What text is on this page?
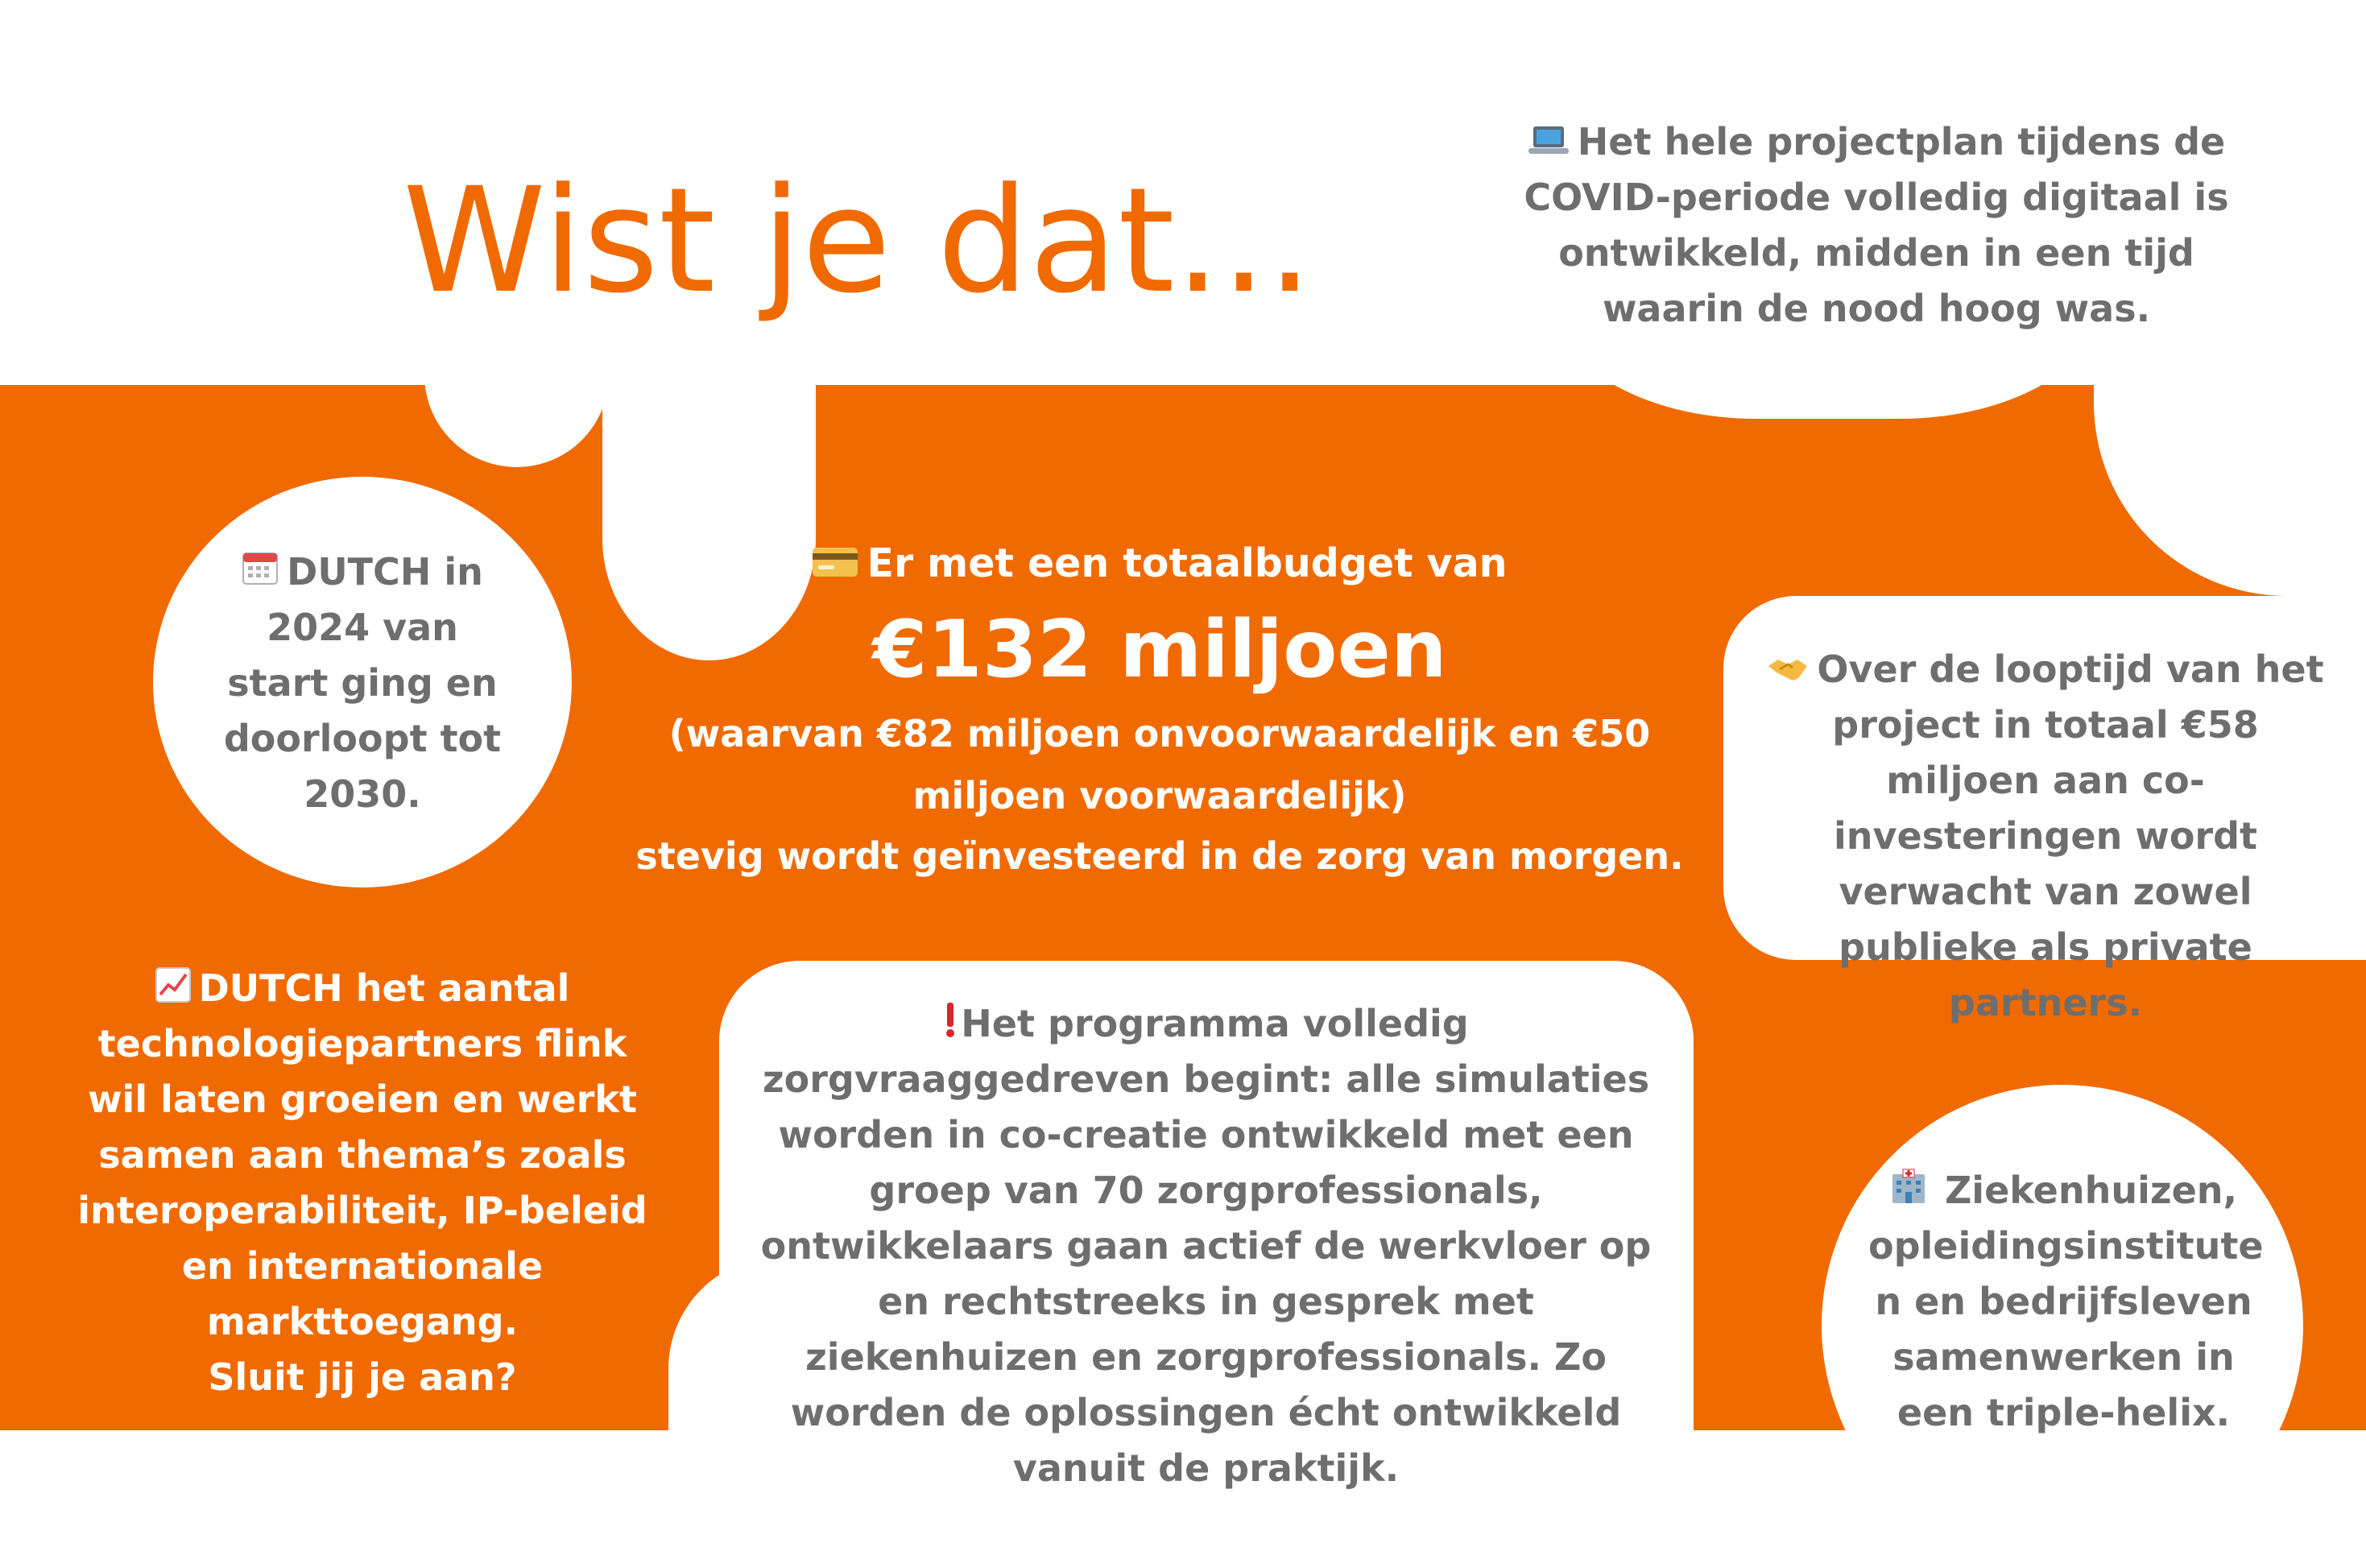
Wist je dat...
Het hele projectplan tijdens de COVID-periode volledig digitaal is ontwikkeld, midden in een tijd waarin de nood hoog was.
DUTCH in 2024 van start ging en doorloopt tot 2030.
Er met een totaalbudget van
€132 miljoen
(waarvan €82 miljoen onvoorwaardelijk en €50 miljoen voorwaardelijk)
stevig wordt geïnvesteerd in de zorg van morgen.
Over de looptijd van het project in totaal €58 miljoen aan co-investeringen wordt verwacht van zowel publieke als private partners.
DUTCH het aantal technologiepartners flink wil laten groeien en werkt samen aan thema’s zoals interoperabiliteit, IP-beleid en internationale markttoegang.
Sluit jij je aan?
Het programma volledig zorgvraaggedreven begint: alle simulaties worden in co-creatie ontwikkeld met een groep van 70 zorgprofessionals, ontwikkelaars gaan actief de werkvloer op en rechtstreeks in gesprek met ziekenhuizen en zorgprofessionals. Zo worden de oplossingen écht ontwikkeld vanuit de praktijk.
Ziekenhuizen, opleidingsinstitute n en bedrijfsleven samenwerken in een triple-helix.
